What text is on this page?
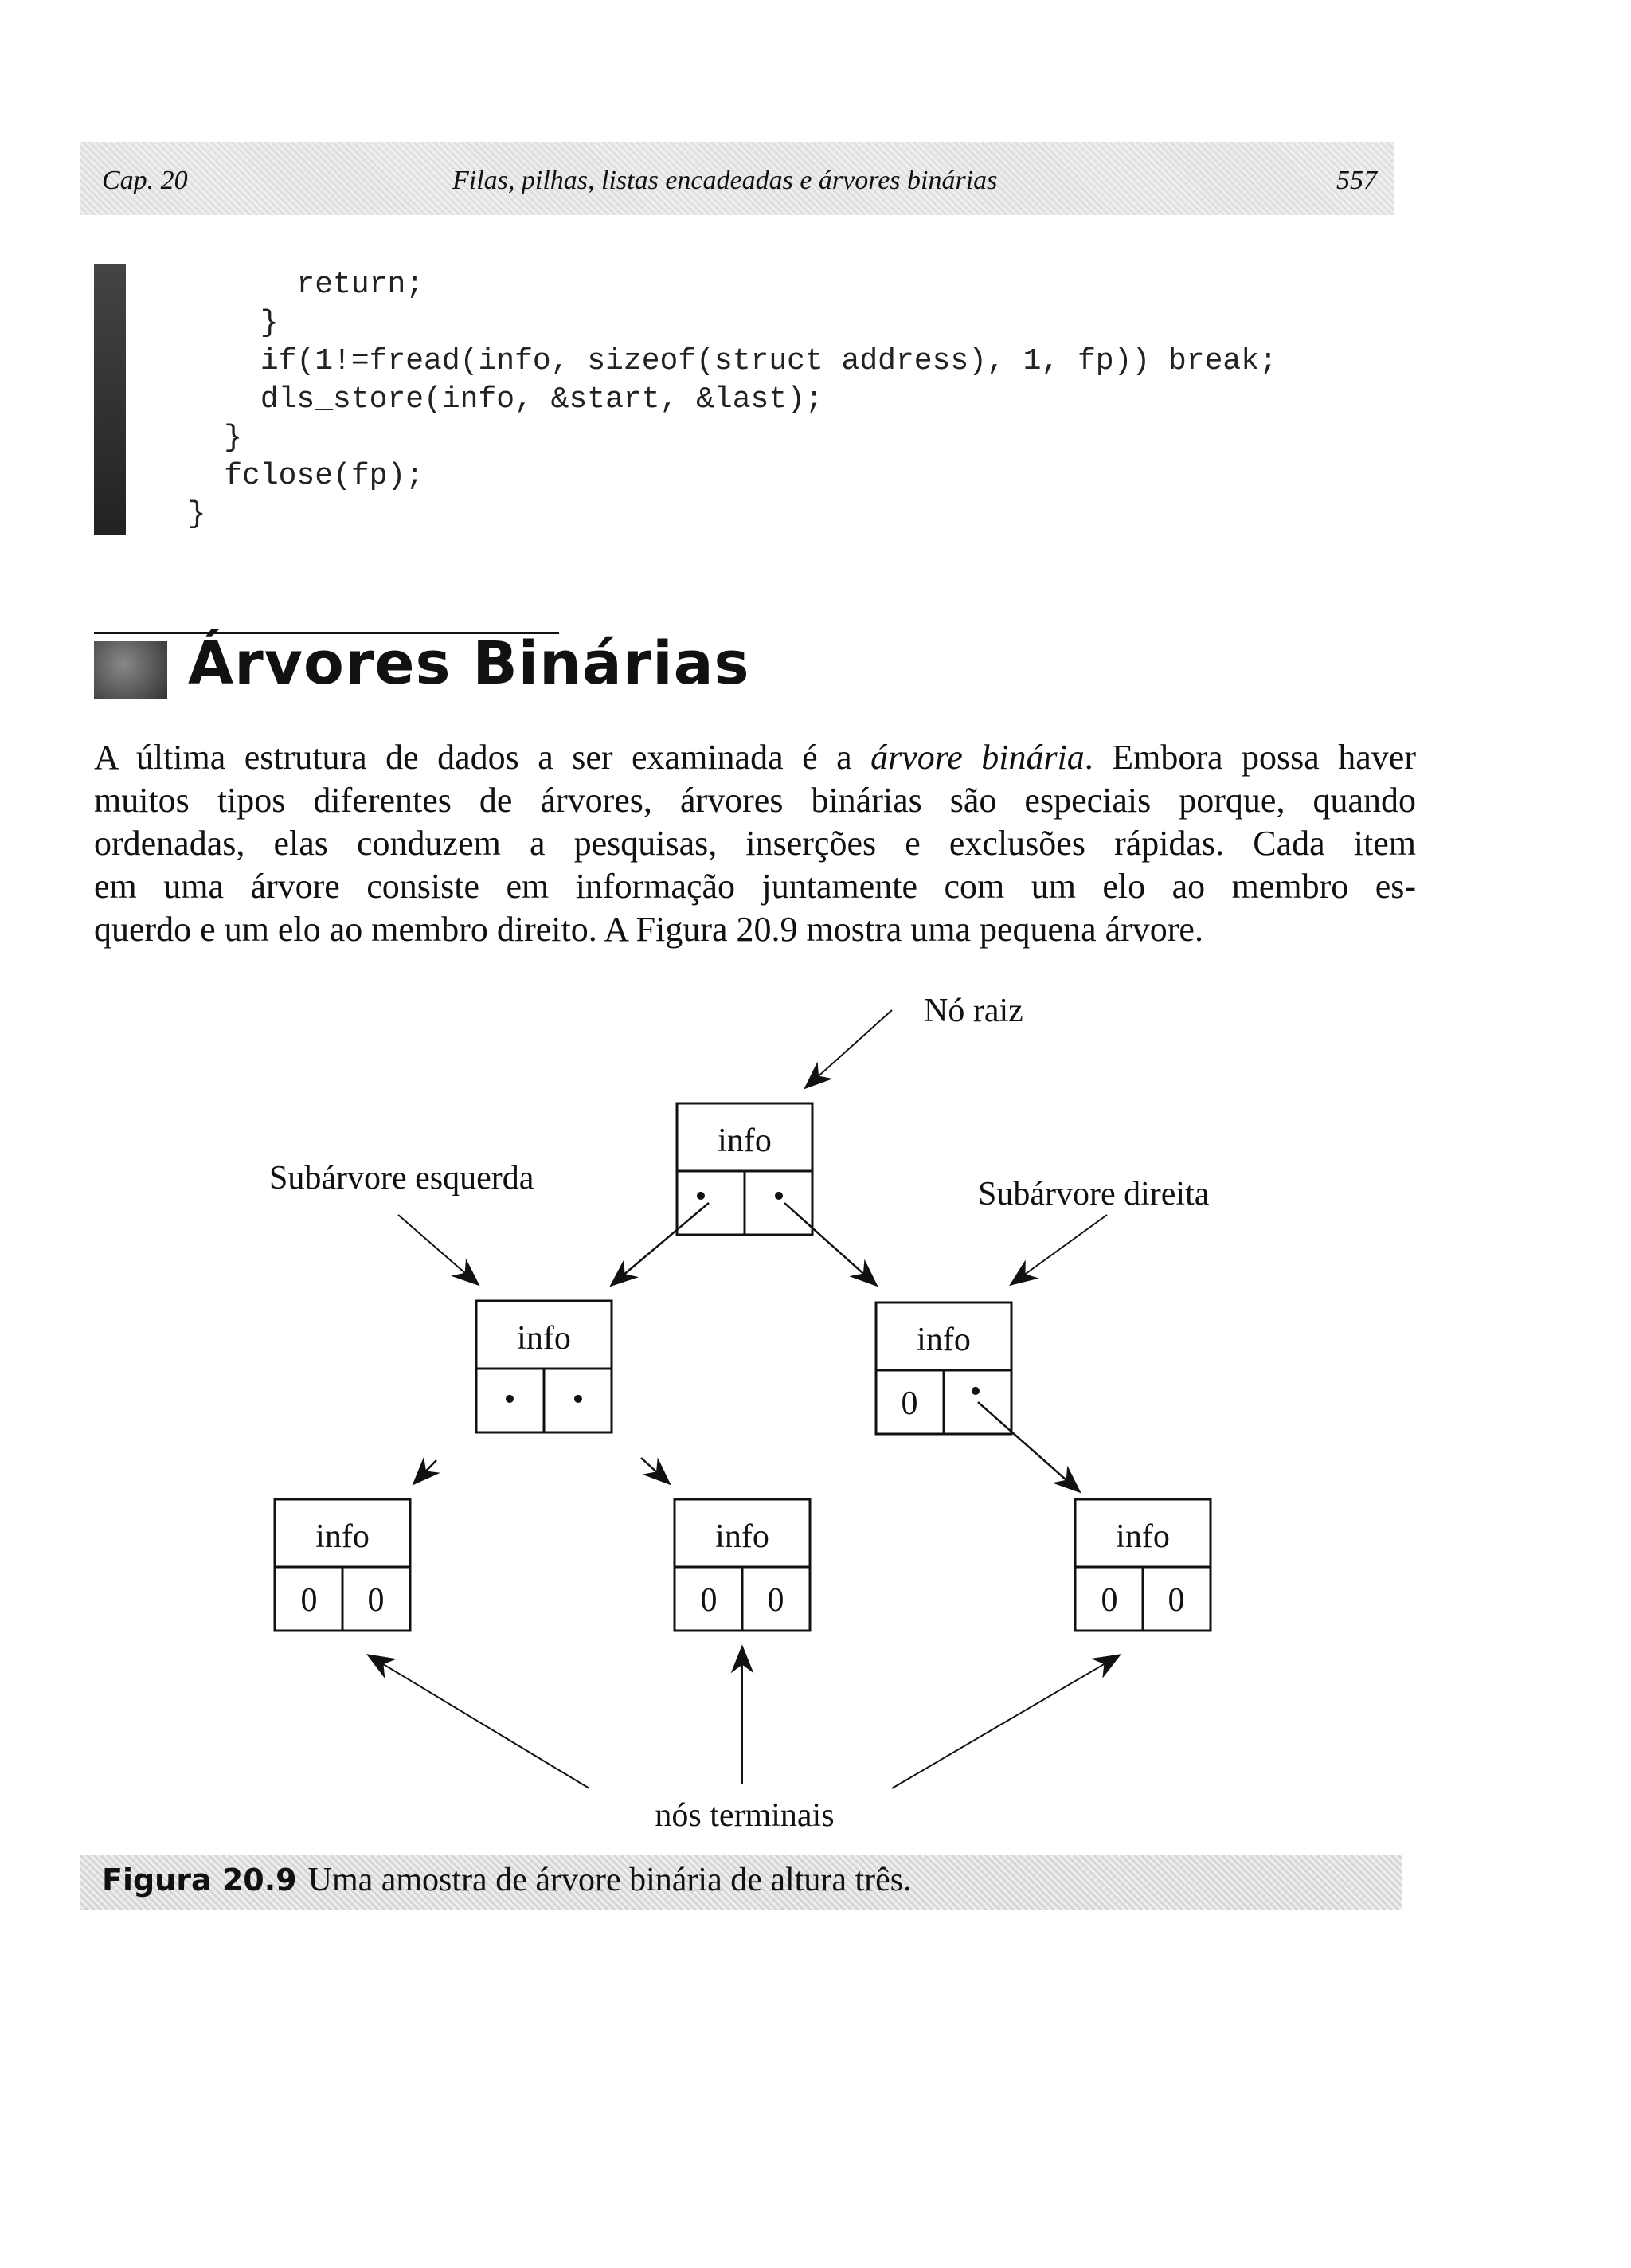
Cap. 20	Filas, pilhas, listas encadeadas e árvores binárias	557
return;
}
if(1!=fread(info, sizeof(struct address), 1, fp)) break;
dls_store(info, &start, &last);
}
fclose(fp);
}
Árvores Binárias
A última estrutura de dados a ser examinada é a árvore binária. Embora possa haver
muitos tipos diferentes de árvores, árvores binárias são especiais porque, quando
ordenadas, elas conduzem a pesquisas, inserções e exclusões rápidas. Cada item
em uma árvore consiste em informação juntamente com um elo ao membro es-
querdo e um elo ao membro direito. A Figura 20.9 mostra uma pequena árvore.
info
info
• •
info
0
info
0 0
info
0 0
info
0 0
Nó raiz
Subárvore esquerda	Subárvore direita
nós terminais
• •
•
Figura 20.9 Uma amostra de árvore binária de altura três.
